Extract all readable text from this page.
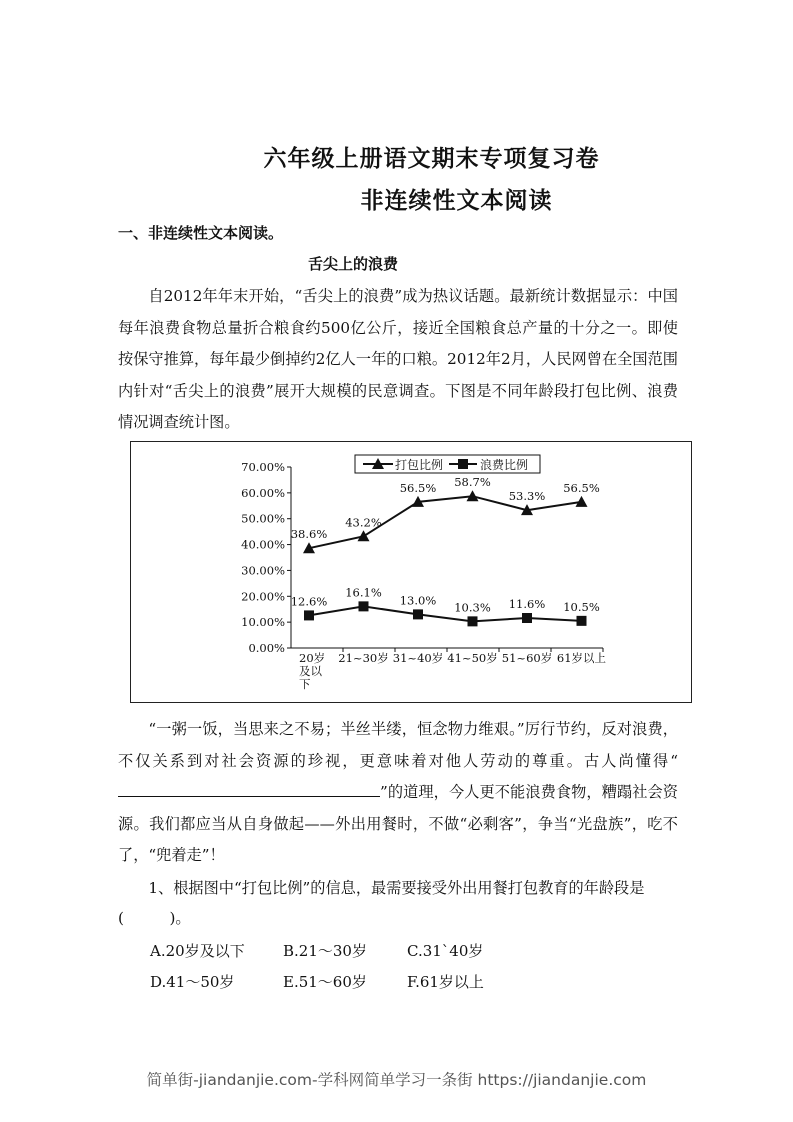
六年级上册语文期末专项复习卷
非连续性文本阅读
一、非连续性文本阅读。
舌尖上的浪费

自2012年年末开始，“舌尖上的浪费”成为热议话题。最新统计数据显示：中国每年浪费食物总量折合粮食约500亿公斤，接近全国粮食总产量的十分之一。即使按保守推算，每年最少倒掉约2亿人一年的口粮。2012年2月，人民网曾在全国范围内针对“舌尖上的浪费”展开大规模的民意调查。下图是不同年龄段打包比例、浪费情况调查统计图。

0.00%
10.00%
20.00%
30.00%
40.00%
50.00%
60.00%
70.00%
20岁
及以
下
21~30岁 31~40岁 41~50岁 51~60岁 61岁以上
38.6%
43.2%
56.5% 58.7%
53.3%
56.5%
12.6%
16.1%
13.0% 10.3% 11.6% 10.5%
打包比例	浪费比例

“一粥一饭，当思来之不易；半丝半缕，恒念物力维艰。”厉行节约，反对浪费，不仅关系到对社会资源的珍视，更意味着对他人劳动的尊重。古人尚懂得“”的道理，今人更不能浪费食物，糟蹋社会资源。我们都应当从自身做起——外出用餐时，不做“必剩客”，争当“光盘族”，吃不了，“兜着走”！

1、根据图中“打包比例”的信息，最需要接受外出用餐打包教育的年龄段是(　　　)。

A.20岁及以下	B.21～30岁	C.31`40岁
D.41～50岁	E.51～60岁	F.61岁以上
简单街-jiandanjie.com-学科网简单学习一条街 https://jiandanjie.com
